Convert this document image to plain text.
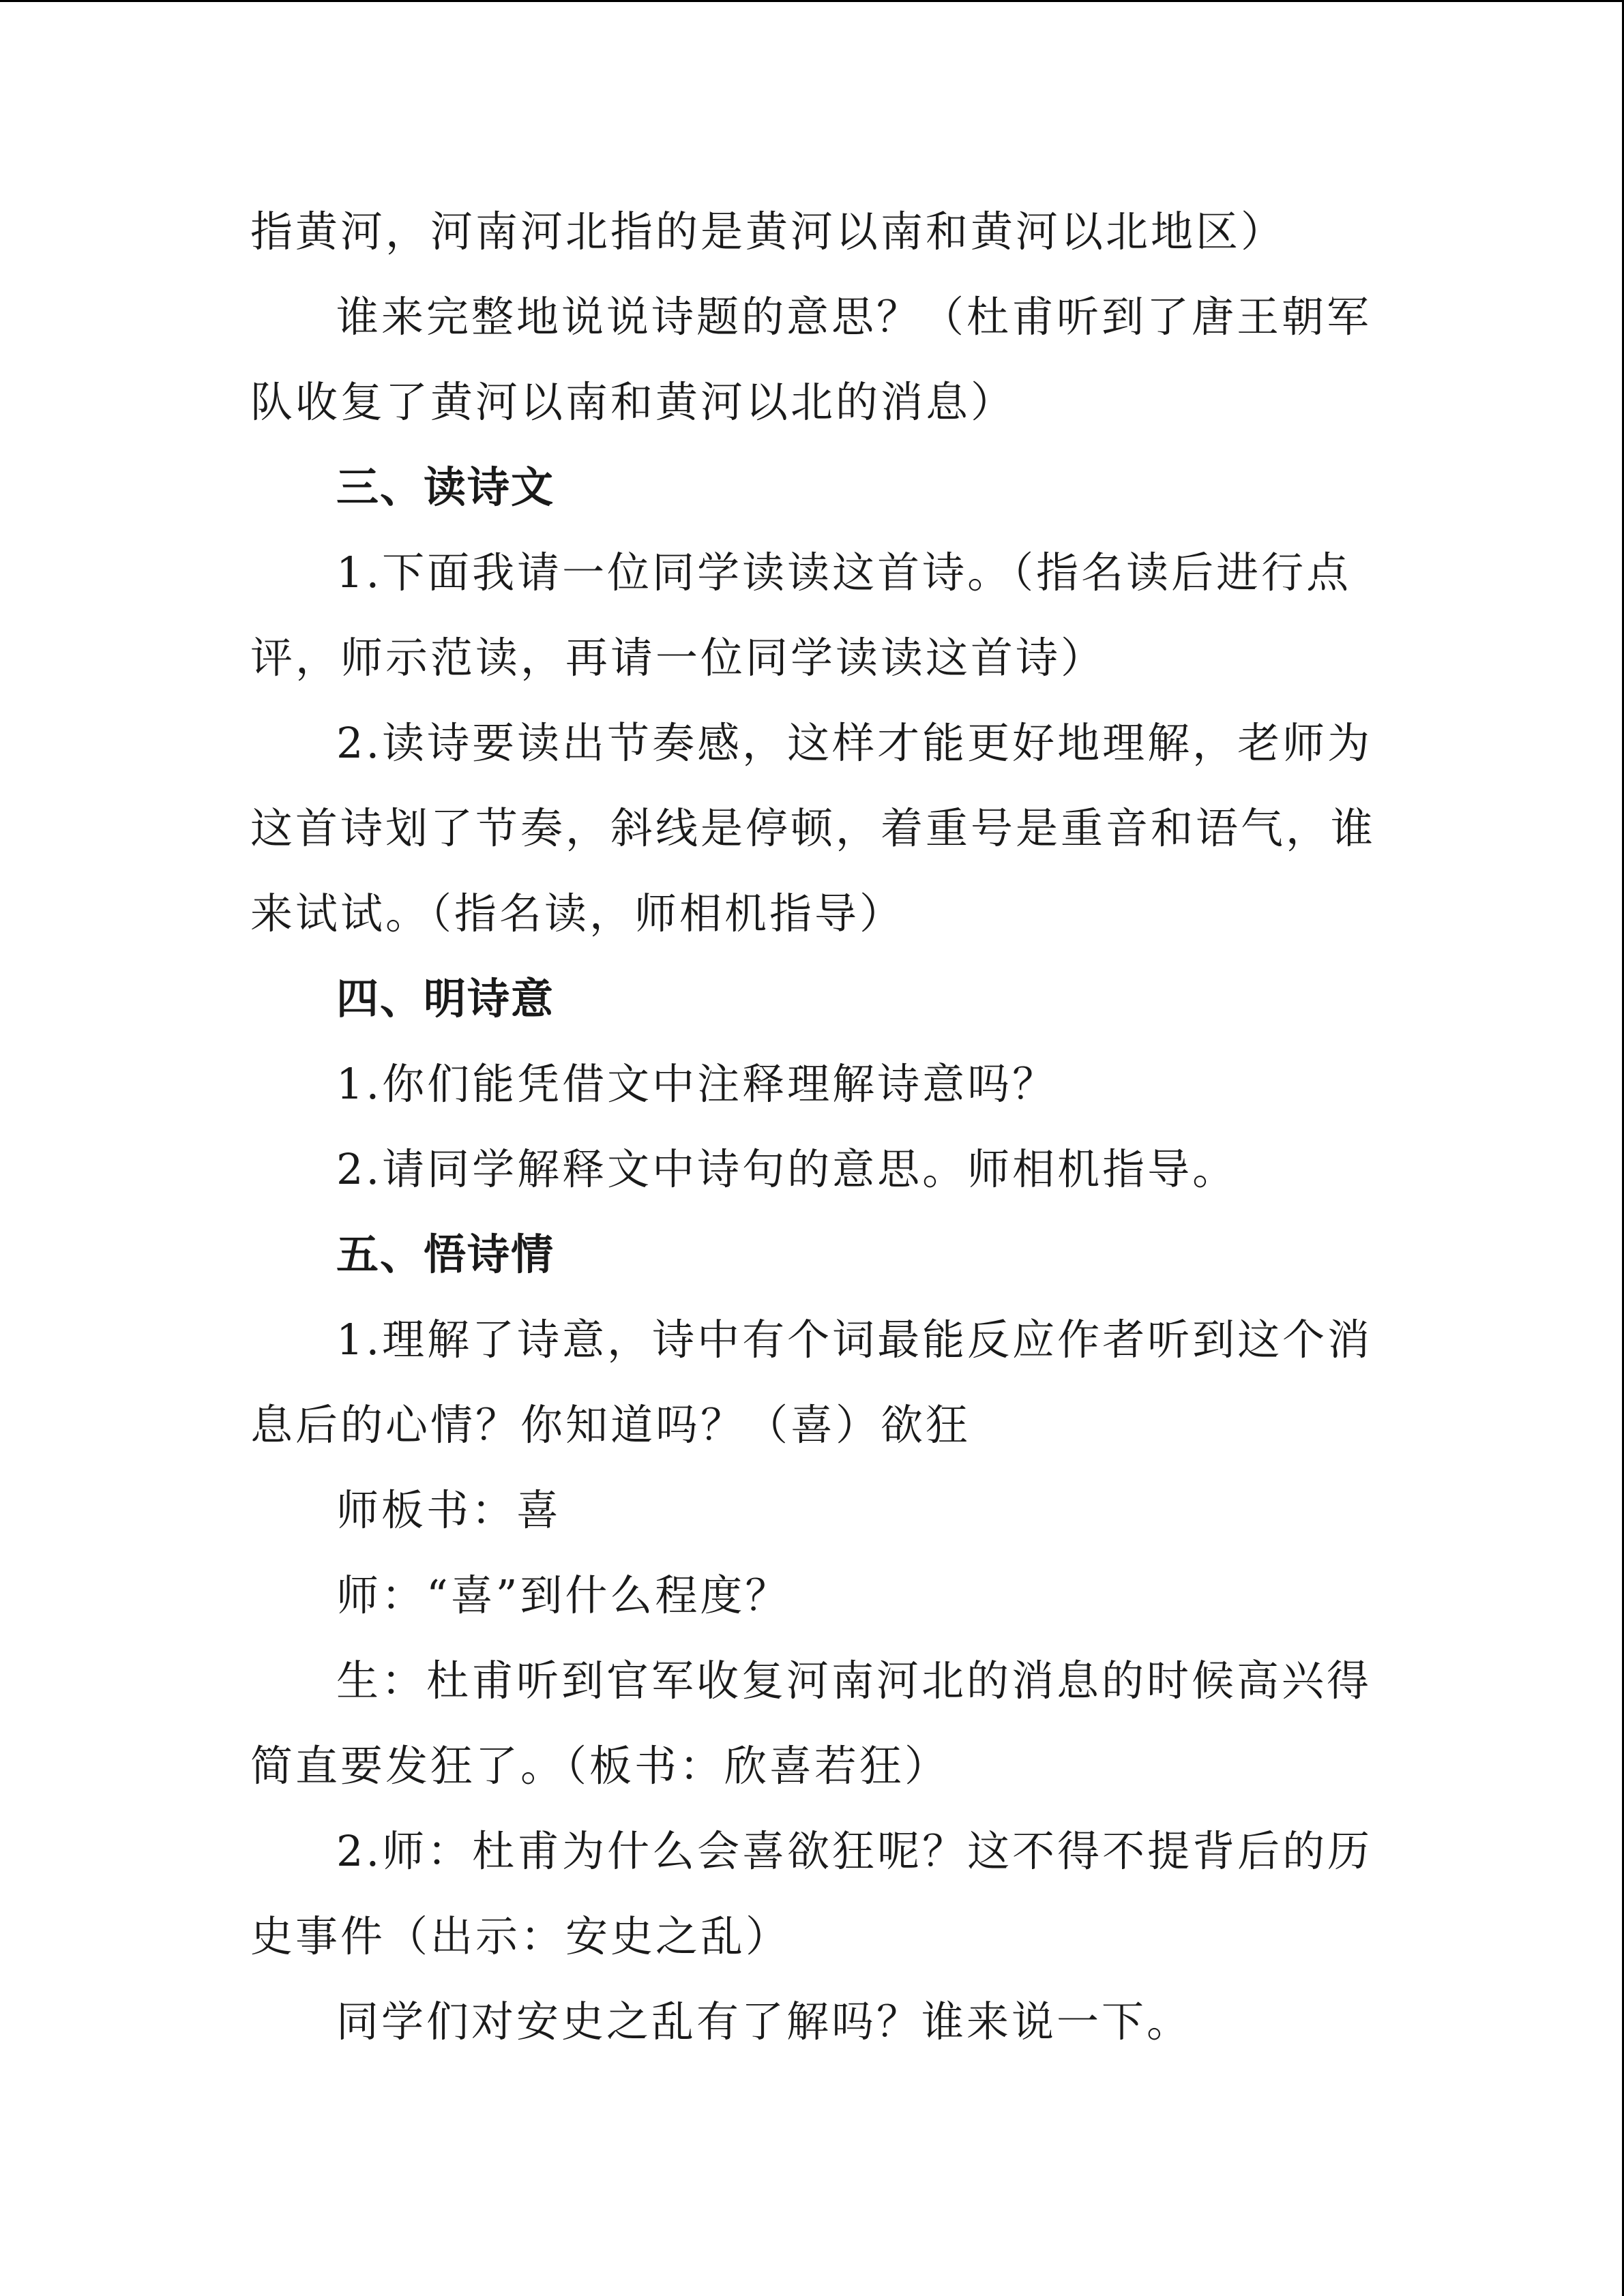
指黄河，河南河北指的是黄河以南和黄河以北地区）
谁来完整地说说诗题的意思？（杜甫听到了唐王朝军
队收复了黄河以南和黄河以北的消息）
三、读诗文
1.下面我请一位同学读读这首诗。（指名读后进行点
评，师示范读，再请一位同学读读这首诗）
2.读诗要读出节奏感，这样才能更好地理解，老师为
这首诗划了节奏，斜线是停顿，着重号是重音和语气，谁
来试试。（指名读，师相机指导）
四、明诗意
1.你们能凭借文中注释理解诗意吗？
2.请同学解释文中诗句的意思。师相机指导。
五、悟诗情
1.理解了诗意，诗中有个词最能反应作者听到这个消
息后的心情？你知道吗？（喜）欲狂
师板书：喜
师：“喜”到什么程度？
生：杜甫听到官军收复河南河北的消息的时候高兴得
简直要发狂了。（板书：欣喜若狂）
2.师：杜甫为什么会喜欲狂呢？这不得不提背后的历
史事件（出示：安史之乱）
同学们对安史之乱有了解吗？谁来说一下。
